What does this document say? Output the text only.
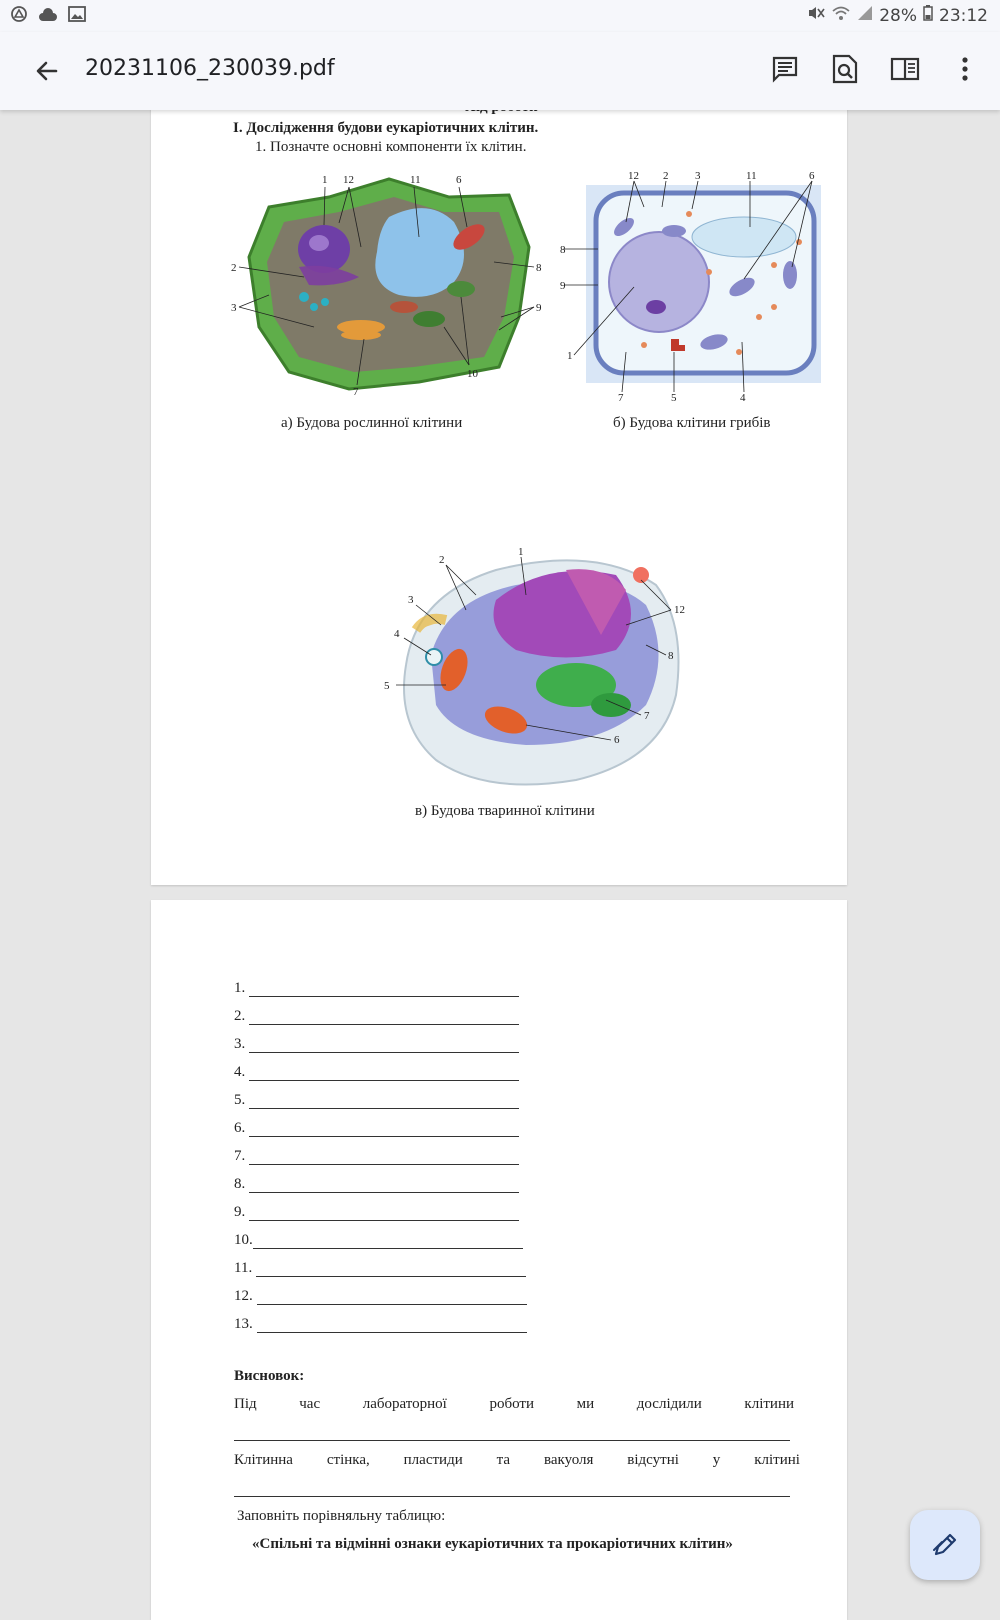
28% 23:12
20231106_230039.pdf
I. Дослідження будови еукаріотичних клітин.
1. Позначте основні компоненти їх клітин.
1 12	11	6
2	8
3	9
7
10
12 2 3	11	6
8
9
1
7	5	4
а) Будова рослинної клітини	б) Будова клітини грибів
2
1
3
4
12
8
5
7
6
в) Будова тваринної клітини
1.
2.
3.
4.
5.
6.
7.
8.
9.
10.
11.
12.
13.
Висновок:
Під	час	лабораторної	роботи	ми	дослідили	клітини
Клітинна стінка, пластиди та вакуоля відсутні у клітині
Заповніть порівняльну таблицю:
«Спільні та відмінні ознаки еукаріотичних та прокаріотичних клітин»
